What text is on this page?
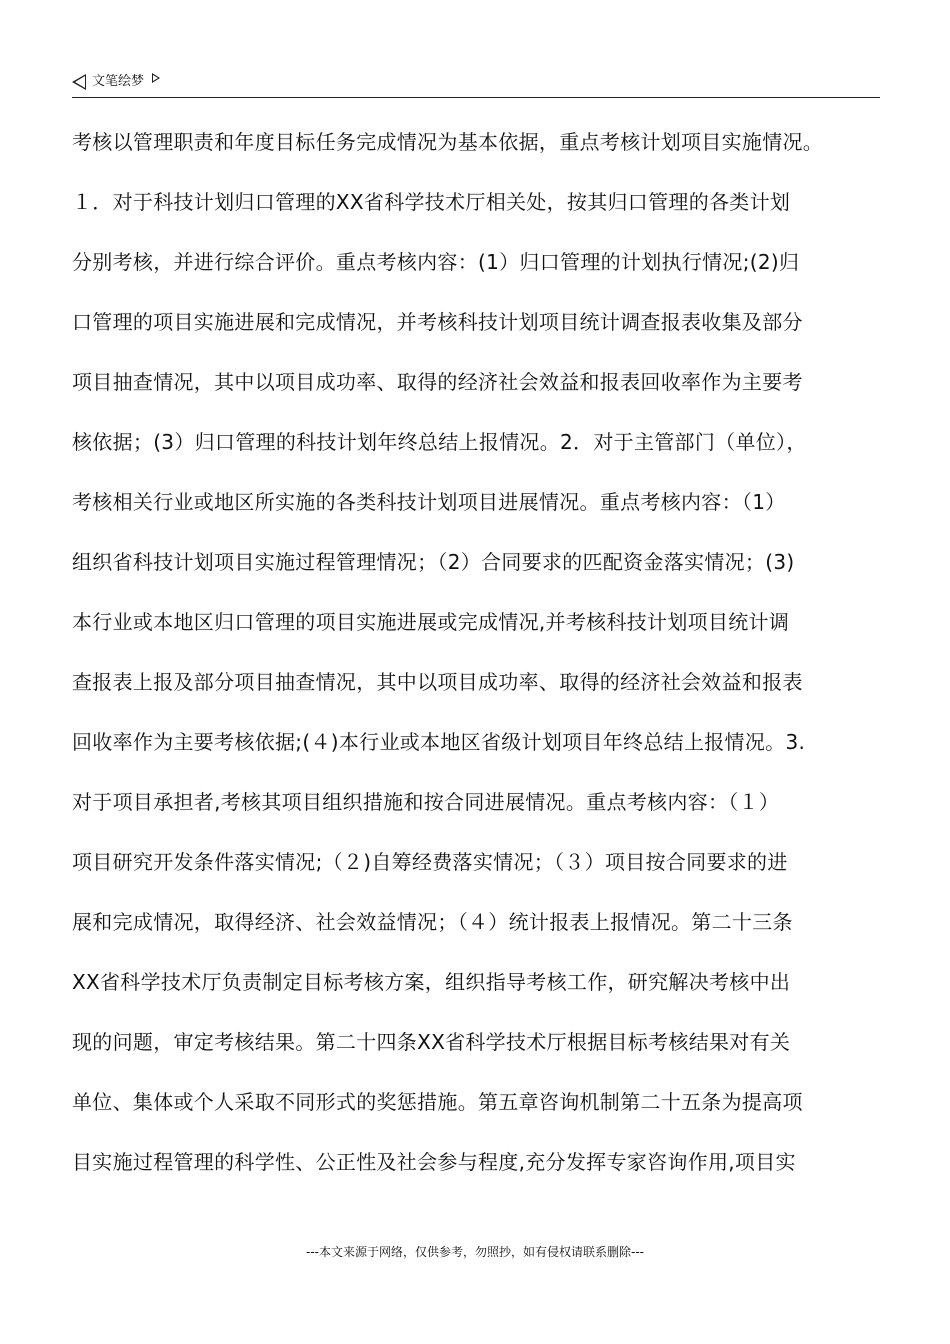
文笔绘梦
考核以管理职责和年度目标任务完成情况为基本依据，重点考核计划项目实施情况。
１．对于科技计划归口管理的XX省科学技术厅相关处，按其归口管理的各类计划
分别考核，并进行综合评价。重点考核内容：(1）归口管理的计划执行情况;(2)归
口管理的项目实施进展和完成情况，并考核科技计划项目统计调查报表收集及部分
项目抽查情况，其中以项目成功率、取得的经济社会效益和报表回收率作为主要考
核依据；(3）归口管理的科技计划年终总结上报情况。2．对于主管部门（单位），
考核相关行业或地区所实施的各类科技计划项目进展情况。重点考核内容：（1）
组织省科技计划项目实施过程管理情况；（2）合同要求的匹配资金落实情况；(3)
本行业或本地区归口管理的项目实施进展或完成情况,并考核科技计划项目统计调
查报表上报及部分项目抽查情况，其中以项目成功率、取得的经济社会效益和报表
回收率作为主要考核依据;(４)本行业或本地区省级计划项目年终总结上报情况。3.
对于项目承担者,考核其项目组织措施和按合同进展情况。重点考核内容：（１）
项目研究开发条件落实情况;（２)自筹经费落实情况；（３）项目按合同要求的进
展和完成情况，取得经济、社会效益情况；（４）统计报表上报情况。第二十三条
XX省科学技术厅负责制定目标考核方案，组织指导考核工作，研究解决考核中出
现的问题，审定考核结果。第二十四条XX省科学技术厅根据目标考核结果对有关
单位、集体或个人采取不同形式的奖惩措施。第五章咨询机制第二十五条为提高项
目实施过程管理的科学性、公正性及社会参与程度,充分发挥专家咨询作用,项目实
---本文来源于网络，仅供参考，勿照抄，如有侵权请联系删除---
